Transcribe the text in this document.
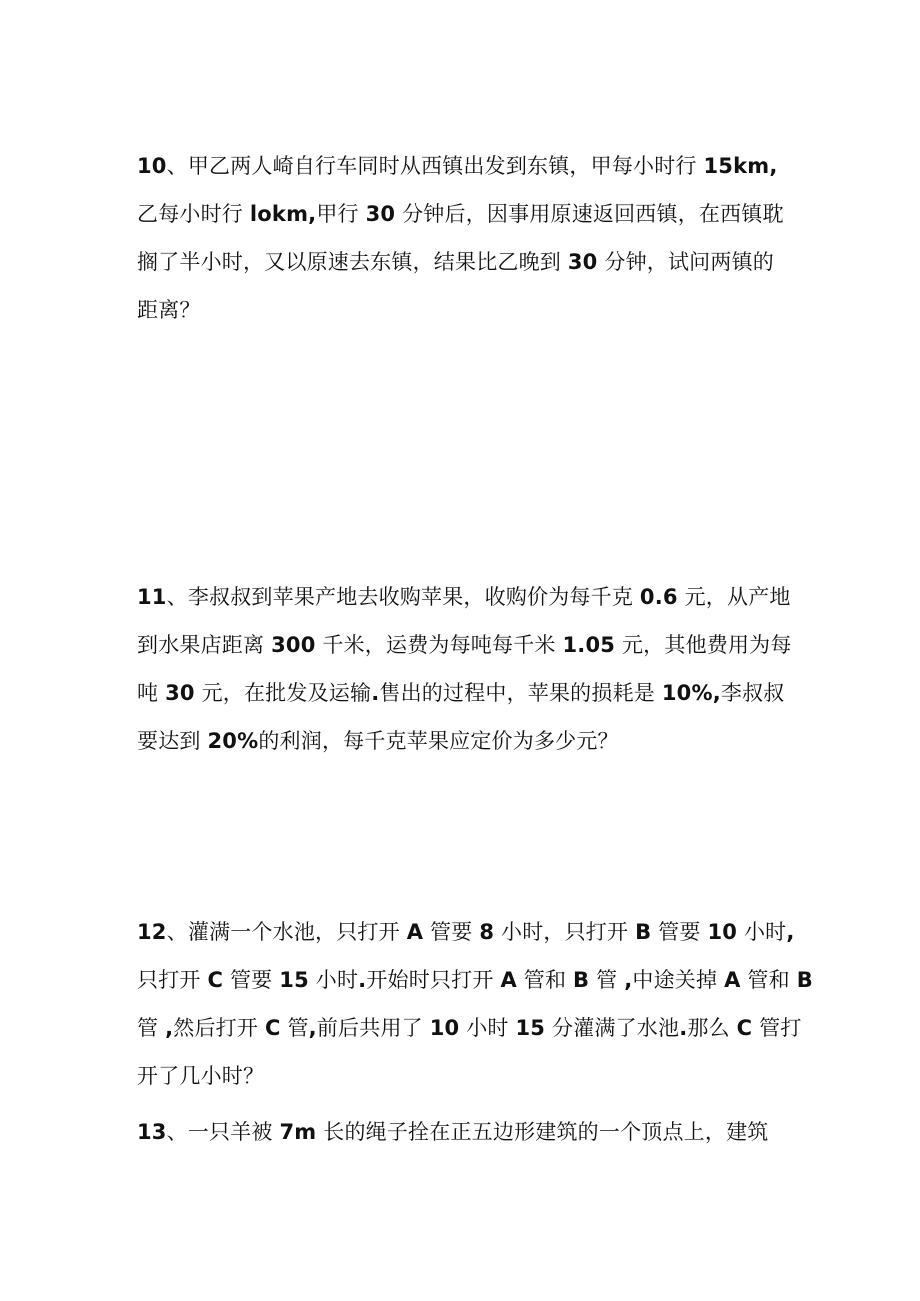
10、甲乙两人崎自行车同时从西镇出发到东镇，甲每小时行 15km,
乙每小时行 lokm,甲行 30 分钟后，因事用原速返回西镇，在西镇耽
搁了半小时，又以原速去东镇，结果比乙晚到 30 分钟，试问两镇的
距离？
11、李叔叔到苹果产地去收购苹果，收购价为每千克 0.6 元，从产地
到水果店距离 300 千米，运费为每吨每千米 1.05 元，其他费用为每
吨 30 元，在批发及运输.售出的过程中，苹果的损耗是 10%,李叔叔
要达到 20%的利润，每千克苹果应定价为多少元？
12、灌满一个水池，只打开 A 管要 8 小时，只打开 B 管要 10 小时,
只打开 C 管要 15 小时.开始时只打开 A 管和 B 管 ,中途关掉 A 管和 B
管 ,然后打开 C 管,前后共用了 10 小时 15 分灌满了水池.那么 C 管打
开了几小时？
13、一只羊被 7m 长的绳子拴在正五边形建筑的一个顶点上，建筑
